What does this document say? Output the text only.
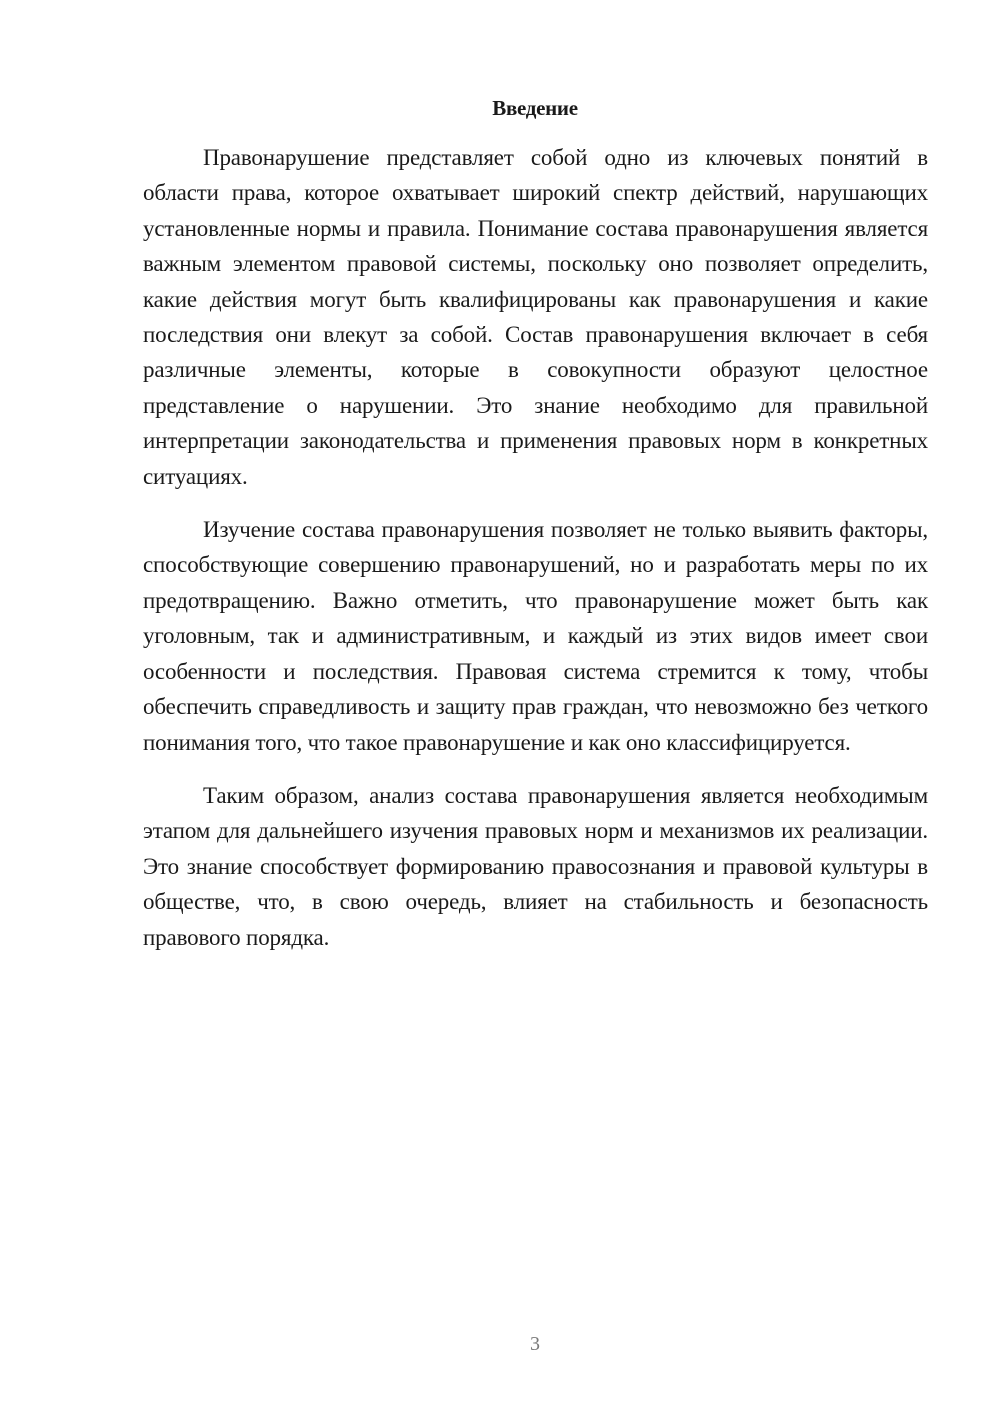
Введение

Правонарушение представляет собой одно из ключевых понятий в области права, которое охватывает широкий спектр действий, нарушающих установленные нормы и правила. Понимание состава правонарушения является важным элементом правовой системы, поскольку оно позволяет определить, какие действия могут быть квалифицированы как правонарушения и какие последствия они влекут за собой. Состав правонарушения включает в себя различные элементы, которые в совокупности образуют целостное представление о нарушении. Это знание необходимо для правильной интерпретации законодательства и применения правовых норм в конкретных ситуациях.

Изучение состава правонарушения позволяет не только выявить факторы, способствующие совершению правонарушений, но и разработать меры по их предотвращению. Важно отметить, что правонарушение может быть как уголовным, так и административным, и каждый из этих видов имеет свои особенности и последствия. Правовая система стремится к тому, чтобы обеспечить справедливость и защиту прав граждан, что невозможно без четкого понимания того, что такое правонарушение и как оно классифицируется.

Таким образом, анализ состава правонарушения является необходимым этапом для дальнейшего изучения правовых норм и механизмов их реализации. Это знание способствует формированию правосознания и правовой культуры в обществе, что, в свою очередь, влияет на стабильность и безопасность правового порядка.

3
